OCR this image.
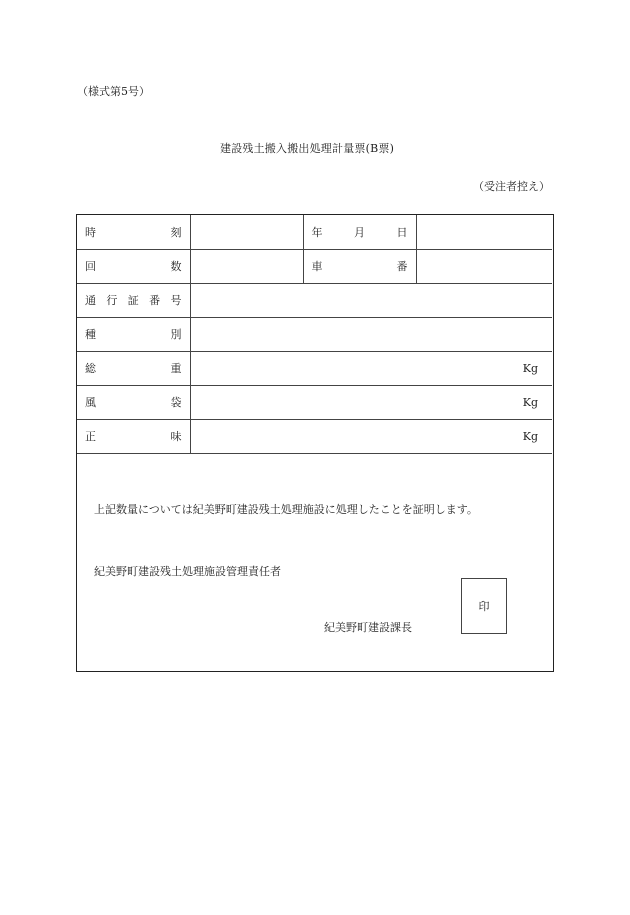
（様式第5号）
建設残土搬入搬出処理計量票(B票)
（受注者控え）
時 刻		年 月 日	

回 数		車 番	

通 行 証 番 号			

種 別			

総 重	Kg		

風 袋	Kg		

正 味	Kg		
上記数量については紀美野町建設残土処理施設に処理したことを証明します。
紀美野町建設残土処理施設管理責任者
紀美野町建設課長
印
